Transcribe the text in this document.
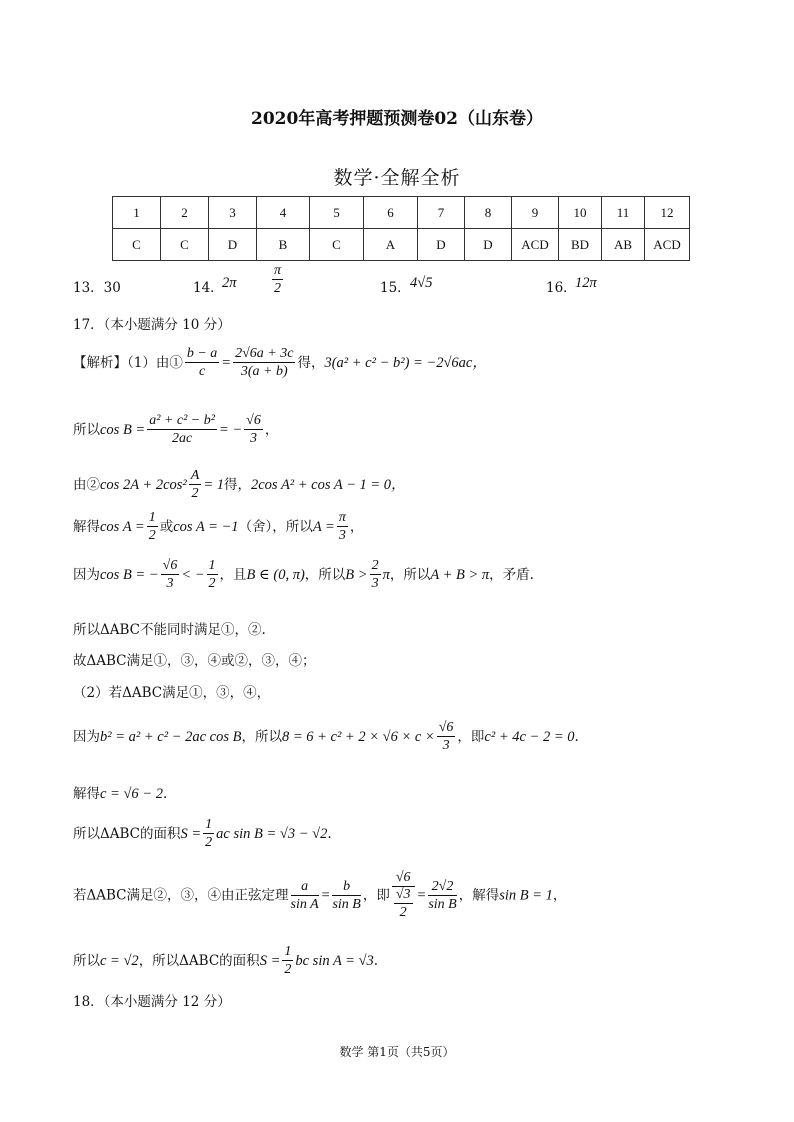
2020年高考押题预测卷02（山东卷）
数学·全解全析
1	2	3	4	5	6	7	8	9	10	11	12
C	C	D	B	C	A	D	D	ACD	BD	AB	ACD
13．30	14．
2π	$\frac{\pi}{2}$	15． 4√5	16．
12π
17．（本小题满分 10 分）
【解析】（1）由① $\frac{b - a}{c} = \frac{2√6a + 3c}{3(a + b)}$ 得，3(a² + c² − b²) = −2√6ac，
所以$\cos B = \frac{\text{a² + c² − b²}}{2ac}$ = − $\frac{√6}{3}$ ，
由②cos $2A + 2\cos^2 \frac{A}{2} = 1$得，2cos A² + cos A − 1 = 0，
解得$\cos A = \frac{1}{2}$ 或cos A = −1（舍），所以$A = \frac{\pi}{3}$ ，
因为cos B = − $\frac{√6}{3}$ < − $\frac{1}{2}$ ，且B ∈ (0, π)，所以$B > \frac{2}{3}$ π，所以A + B > π，矛盾.
所以ΔABC不能同时满足①，②.
故ΔABC满足①，③，④或②，③，④；
（2）若ΔABC满足①，③，④，
因为b² = a² + c² − 2ac cos B，所以$8 = 6 + c^2 + 2 \times √6 \times c \times \frac{√6}{3}$ ，即c² + 4c − 2 = 0.
解得c = √6 − 2.
所以ΔABC的面积$S = \frac{1}{2}$ ac sin B = √3 − √2.
若ΔABC满足②，③，④由正弦定理 $\frac{a}{\text{sin A}} = \frac{b}{\text{sin B}}$ ，即 $\frac{√6}{\frac{√3}{2}} = \frac{2√2}{\text{sin B}}$ ，解得sin B = 1，
所以c = √2，所以ΔABC的面积$S = \frac{1}{2}$ bc sin A = √3.
18．（本小题满分 12 分）
数学 第1页（共5页）
